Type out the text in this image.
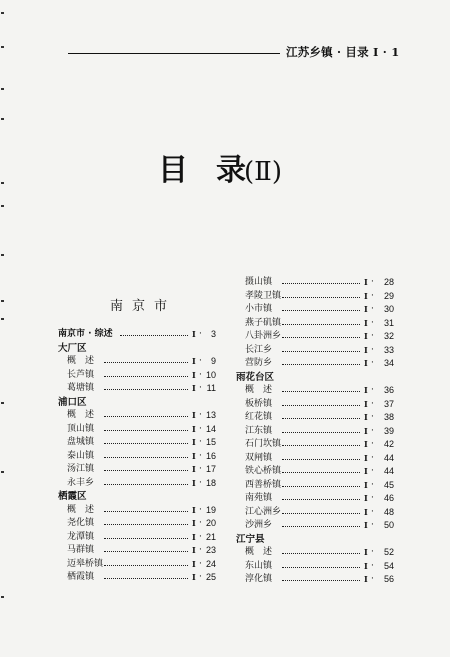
江苏乡镇 · 目录 Ⅰ · 1
目 录
(Ⅱ)
南京市
南京市 · 综述	Ⅰ · 3
大厂区
概　述	Ⅰ · 9
长芦镇	Ⅰ · 10
葛塘镇	Ⅰ · 11
浦口区
概　述	Ⅰ · 13
顶山镇	Ⅰ · 14
盘城镇	Ⅰ · 15
泰山镇	Ⅰ · 16
汤江镇	Ⅰ · 17
永丰乡	Ⅰ · 18
栖霞区
概　述	Ⅰ · 19
尧化镇	Ⅰ · 20
龙潭镇	Ⅰ · 21
马群镇	Ⅰ · 23
迈皋桥镇	Ⅰ · 24
栖霞镇	Ⅰ · 25
摄山镇	Ⅰ · 28
孝陵卫镇	Ⅰ · 29
小市镇	Ⅰ · 30
燕子矶镇	Ⅰ · 31
八卦洲乡	Ⅰ · 32
长江乡	Ⅰ · 33
营防乡	Ⅰ · 34
雨花台区
概　述	Ⅰ · 36
板桥镇	Ⅰ · 37
红花镇	Ⅰ · 38
江东镇	Ⅰ · 39
石门坎镇	Ⅰ · 42
双闸镇	Ⅰ · 44
铁心桥镇	Ⅰ · 44
西善桥镇	Ⅰ · 45
南苑镇	Ⅰ · 46
江心洲乡	Ⅰ · 48
沙洲乡	Ⅰ · 50
江宁县
概　述	Ⅰ · 52
东山镇	Ⅰ · 54
淳化镇	Ⅰ · 56
